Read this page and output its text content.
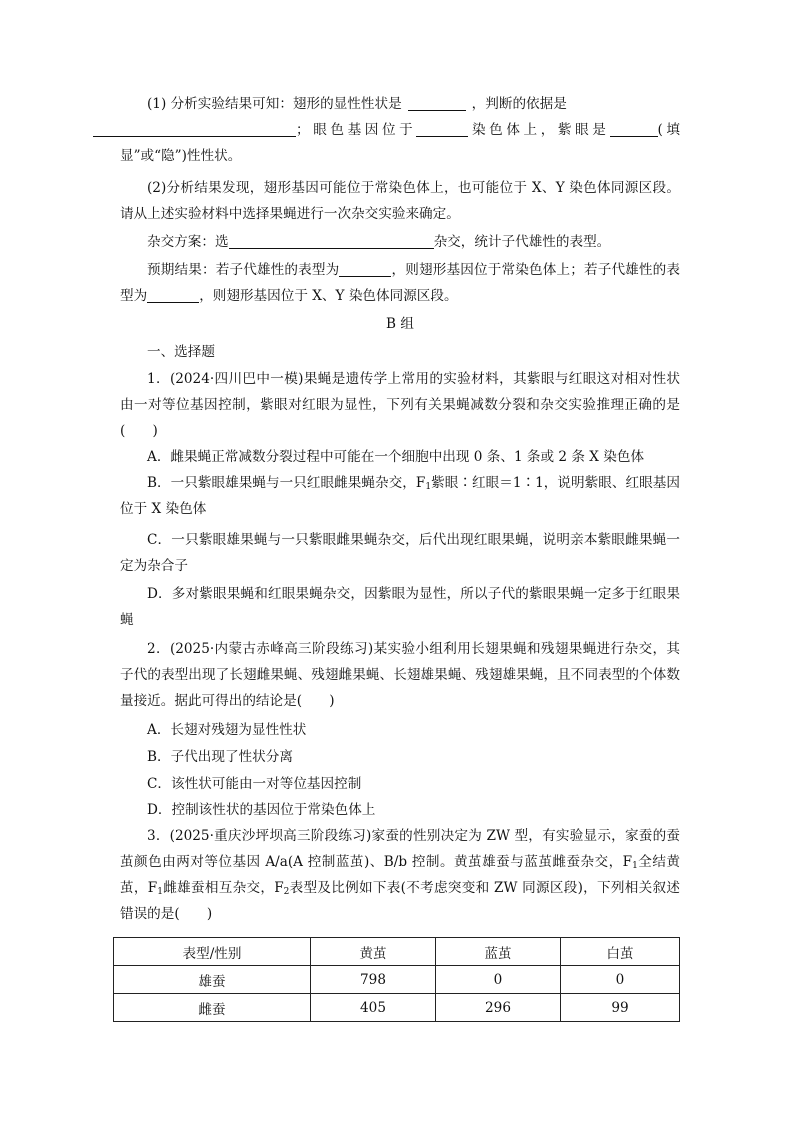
(1) 分析实验结果可知：翅形的显性性状是	，判断的依据是
；眼色基因位于	染色体上，紫眼是	(填显”或“隐”)性性状。

(2)分析结果发现，翅形基因可能位于常染色体上，也可能位于 X、Y 染色体同源区段。请从上述实验材料中选择果蝇进行一次杂交实验来确定。

杂交方案：选	杂交，统计子代雄性的表型。

预期结果：若子代雄性的表型为	，则翅形基因位于常染色体上；若子代雄性的表型为	，则翅形基因位于 X、Y 染色体同源区段。

B 组

一、选择题

1．(2024·四川巴中一模)果蝇是遗传学上常用的实验材料，其紫眼与红眼这对相对性状由一对等位基因控制，紫眼对红眼为显性，下列有关果蝇减数分裂和杂交实验推理正确的是(　　)

A．雌果蝇正常减数分裂过程中可能在一个细胞中出现 0 条、1 条或 2 条 X 染色体

B．一只紫眼雄果蝇与一只红眼雌果蝇杂交，$F_1$紫眼∶红眼＝1∶1，说明紫眼、红眼基因位于 X 染色体

C．一只紫眼雄果蝇与一只紫眼雌果蝇杂交，后代出现红眼果蝇，说明亲本紫眼雌果蝇一定为杂合子

D．多对紫眼果蝇和红眼果蝇杂交，因紫眼为显性，所以子代的紫眼果蝇一定多于红眼果蝇

2．(2025·内蒙古赤峰高三阶段练习)某实验小组利用长翅果蝇和残翅果蝇进行杂交，其子代的表型出现了长翅雌果蝇、残翅雌果蝇、长翅雄果蝇、残翅雄果蝇，且不同表型的个体数量接近。据此可得出的结论是(　　)

A．长翅对残翅为显性性状

B．子代出现了性状分离

C．该性状可能由一对等位基因控制

D．控制该性状的基因位于常染色体上

3．(2025·重庆沙坪坝高三阶段练习)家蚕的性别决定为 ZW 型，有实验显示，家蚕的蚕茧颜色由两对等位基因 A/a(A 控制蓝茧)、B/b 控制。黄茧雄蚕与蓝茧雌蚕杂交，$F_1$全结黄茧，$F_1$雌雄蚕相互杂交，$F_2$表型及比例如下表(不考虑突变和 ZW 同源区段)，下列相关叙述错误的是(　　)

表型/性别	黄茧	蓝茧	白茧
雄蚕	798	0	0
雌蚕	405	296	99
